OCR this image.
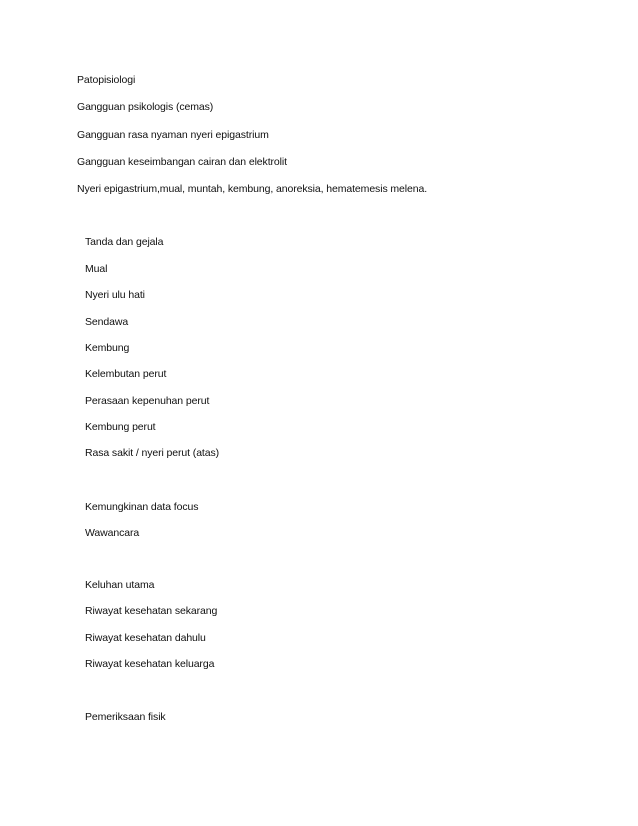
Patopisiologi
Gangguan psikologis (cemas)
Gangguan rasa nyaman nyeri epigastrium
Gangguan keseimbangan cairan dan elektrolit
Nyeri epigastrium,mual, muntah, kembung, anoreksia, hematemesis melena.
Tanda dan gejala
Mual
Nyeri ulu hati
Sendawa
Kembung
Kelembutan perut
Perasaan kepenuhan perut
Kembung perut
Rasa sakit / nyeri perut (atas)
Kemungkinan data focus
Wawancara
Keluhan utama
Riwayat kesehatan sekarang
Riwayat kesehatan dahulu
Riwayat kesehatan keluarga
Pemeriksaan fisik
